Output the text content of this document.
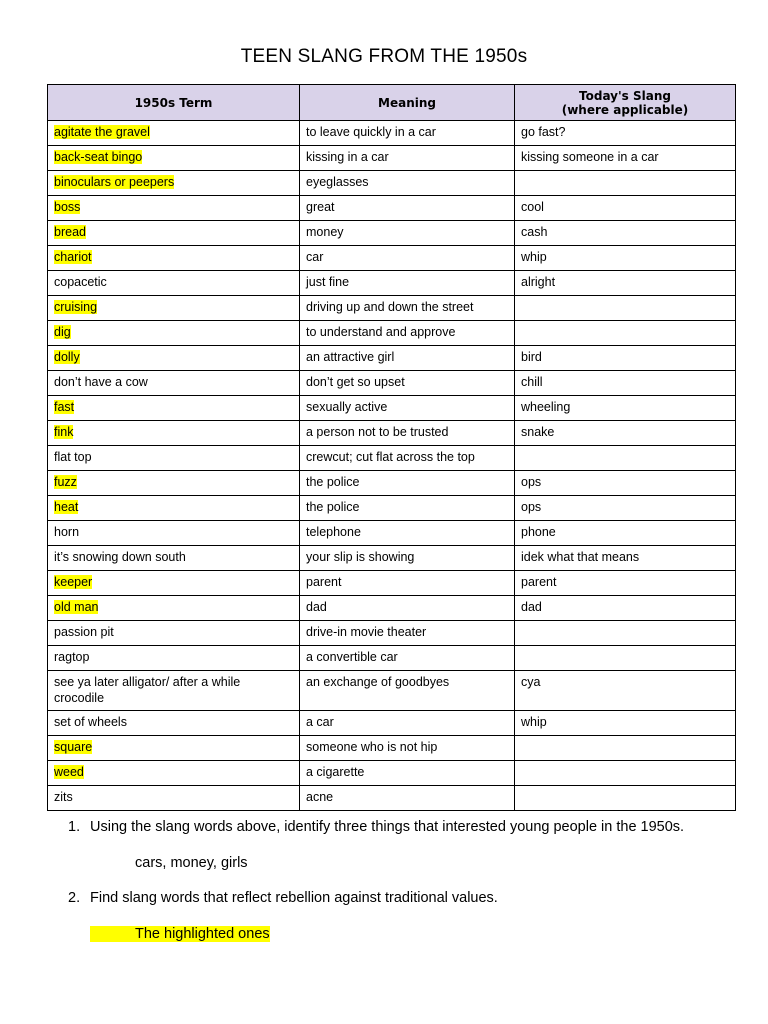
TEEN SLANG FROM THE 1950s
1950s Term	Meaning	Today's Slang
(where applicable)
agitate the gravel	to leave quickly in a car	go fast?
back-seat bingo	kissing in a car	kissing someone in a car
binoculars or peepers	eyeglasses	
boss	great	cool
bread	money	cash
chariot	car	whip
copacetic	just fine	alright
cruising	driving up and down the street	
dig	to understand and approve	
dolly	an attractive girl	bird
don’t have a cow	don’t get so upset	chill
fast	sexually active	wheeling
fink	a person not to be trusted	snake
flat top	crewcut; cut flat across the top	
fuzz	the police	ops
heat	the police	ops
horn	telephone	phone
it’s snowing down south	your slip is showing	idek what that means
keeper	parent	parent
old man	dad	dad
passion pit	drive-in movie theater	
ragtop	a convertible car	
see ya later alligator/ after a while crocodile	an exchange of goodbyes	cya
set of wheels	a car	whip
square	someone who is not hip	
weed	a cigarette	
zits	acne	
1. Using the slang words above, identify three things that interested young people in the 1950s.
cars, money, girls
2. Find slang words that reflect rebellion against traditional values.
The highlighted ones
